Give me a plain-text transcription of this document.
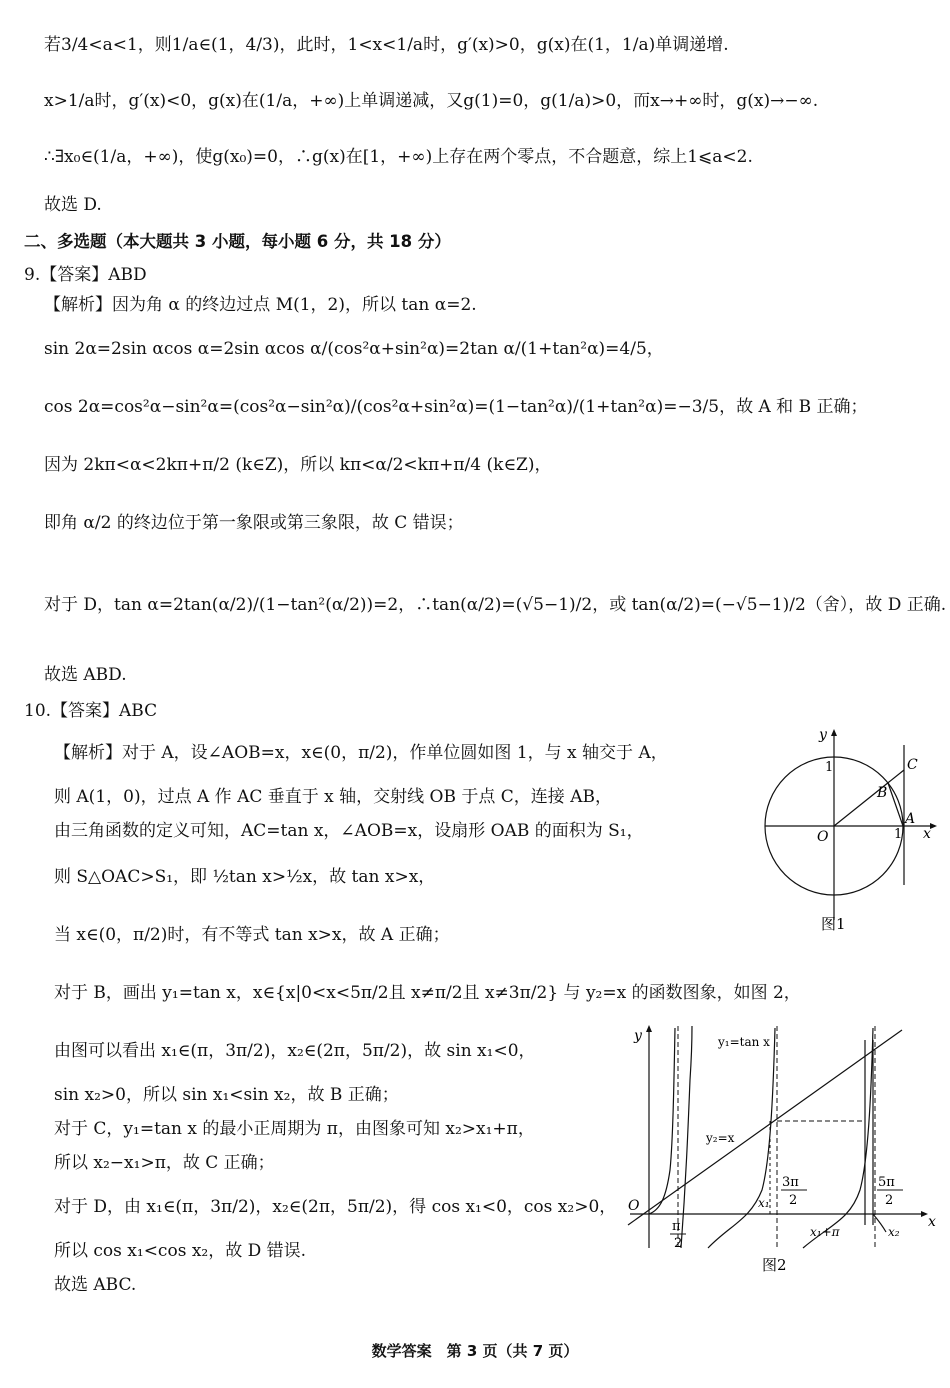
若3/4<a<1，则1/a∈(1，4/3)，此时，1<x<1/a时，g′(x)>0，g(x)在(1，1/a)单调递增.
x>1/a时，g′(x)<0，g(x)在(1/a，+∞)上单调递减，又g(1)=0，g(1/a)>0，而x→+∞时，g(x)→−∞.
∴∃x₀∈(1/a，+∞)，使g(x₀)=0，∴g(x)在[1，+∞)上存在两个零点，不合题意，综上1⩽a<2.
故选 D.
二、多选题（本大题共 3 小题，每小题 6 分，共 18 分）
9.【答案】ABD
【解析】因为角 α 的终边过点 M(1，2)，所以 tan α=2.
sin 2α=2sin αcos α=2sin αcos α/(cos²α+sin²α)=2tan α/(1+tan²α)=4/5，
cos 2α=cos²α−sin²α=(cos²α−sin²α)/(cos²α+sin²α)=(1−tan²α)/(1+tan²α)=−3/5，故 A 和 B 正确；
因为 2kπ<α<2kπ+π/2 (k∈Z)，所以 kπ<α/2<kπ+π/4 (k∈Z)，
即角 α/2 的终边位于第一象限或第三象限，故 C 错误；
对于 D，tan α=2tan(α/2)/(1−tan²(α/2))=2，∴tan(α/2)=(√5−1)/2，或 tan(α/2)=(−√5−1)/2（舍），故 D 正确.
故选 ABD.
10.【答案】ABC
【解析】对于 A，设∠AOB=x，x∈(0，π/2)，作单位圆如图 1，与 x 轴交于 A，
则 A(1，0)，过点 A 作 AC 垂直于 x 轴，交射线 OB 于点 C，连接 AB，
由三角函数的定义可知，AC=tan x，∠AOB=x，设扇形 OAB 的面积为 S₁，
则 S△OAC>S₁，即 ½tan x>½x，故 tan x>x，
当 x∈(0，π/2)时，有不等式 tan x>x，故 A 正确；
对于 B，画出 y₁=tan x，x∈{x|0<x<5π/2且 x≠π/2且 x≠3π/2} 与 y₂=x 的函数图象，如图 2，
由图可以看出 x₁∈(π，3π/2)，x₂∈(2π，5π/2)，故 sin x₁<0，
sin x₂>0，所以 sin x₁<sin x₂，故 B 正确；
对于 C，y₁=tan x 的最小正周期为 π，由图象可知 x₂>x₁+π，
所以 x₂−x₁>π，故 C 正确；
对于 D，由 x₁∈(π，3π/2)，x₂∈(2π，5π/2)，得 cos x₁<0，cos x₂>0，
所以 cos x₁<cos x₂，故 D 错误.
故选 ABC.
y
1	C
B
A
O	1 x
图1
y	y₁=tan x
y₂=x
O
x
x₁
x₁+π	x₂
π
2
3π
2
5π
2
图2
数学答案　第 3 页（共 7 页）
